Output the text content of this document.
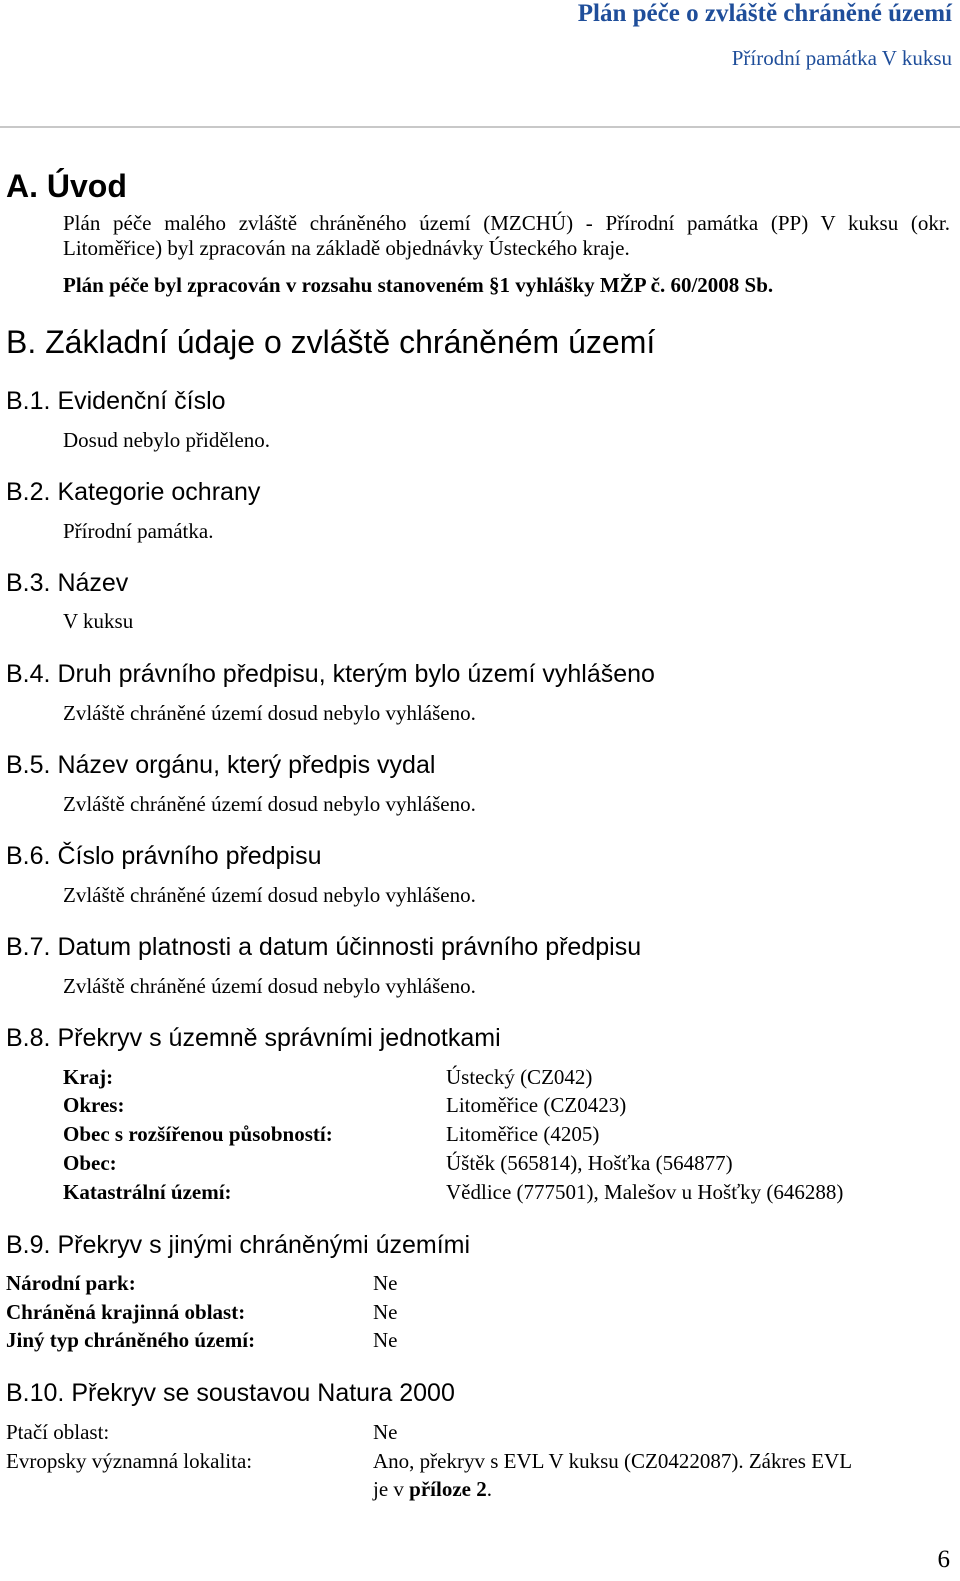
Plán péče o zvláště chráněné území
Přírodní památka V kuksu
A. Úvod
Plán péče malého zvláště chráněného území (MZCHÚ) - Přírodní památka (PP) V kuksu (okr. Litoměřice) byl zpracován na základě objednávky Ústeckého kraje.
Plán péče byl zpracován v rozsahu stanoveném §1 vyhlášky MŽP č. 60/2008 Sb.
B. Základní údaje o zvláště chráněném území
B.1. Evidenční číslo
Dosud nebylo přiděleno.
B.2. Kategorie ochrany
Přírodní památka.
B.3. Název
V kuksu
B.4. Druh právního předpisu, kterým bylo území vyhlášeno
Zvláště chráněné území dosud nebylo vyhlášeno.
B.5. Název orgánu, který předpis vydal
Zvláště chráněné území dosud nebylo vyhlášeno.
B.6. Číslo právního předpisu
Zvláště chráněné území dosud nebylo vyhlášeno.
B.7. Datum platnosti a datum účinnosti právního předpisu
Zvláště chráněné území dosud nebylo vyhlášeno.
B.8. Překryv s územně správními jednotkami
Kraj:	Ústecký (CZ042)
Okres:	Litoměřice (CZ0423)
Obec s rozšířenou působností:	Litoměřice (4205)
Obec:	Úštěk (565814), Hošťka (564877)
Katastrální území:	Vědlice (777501), Malešov u Hošťky (646288)
B.9. Překryv s jinými chráněnými územími
Národní park:	Ne
Chráněná krajinná oblast:	Ne
Jiný typ chráněného území:	Ne
B.10. Překryv se soustavou Natura 2000
Ptačí oblast:	Ne
Evropsky významná lokalita:	Ano, překryv s EVL V kuksu (CZ0422087). Zákres EVL
je v příloze 2.
6
